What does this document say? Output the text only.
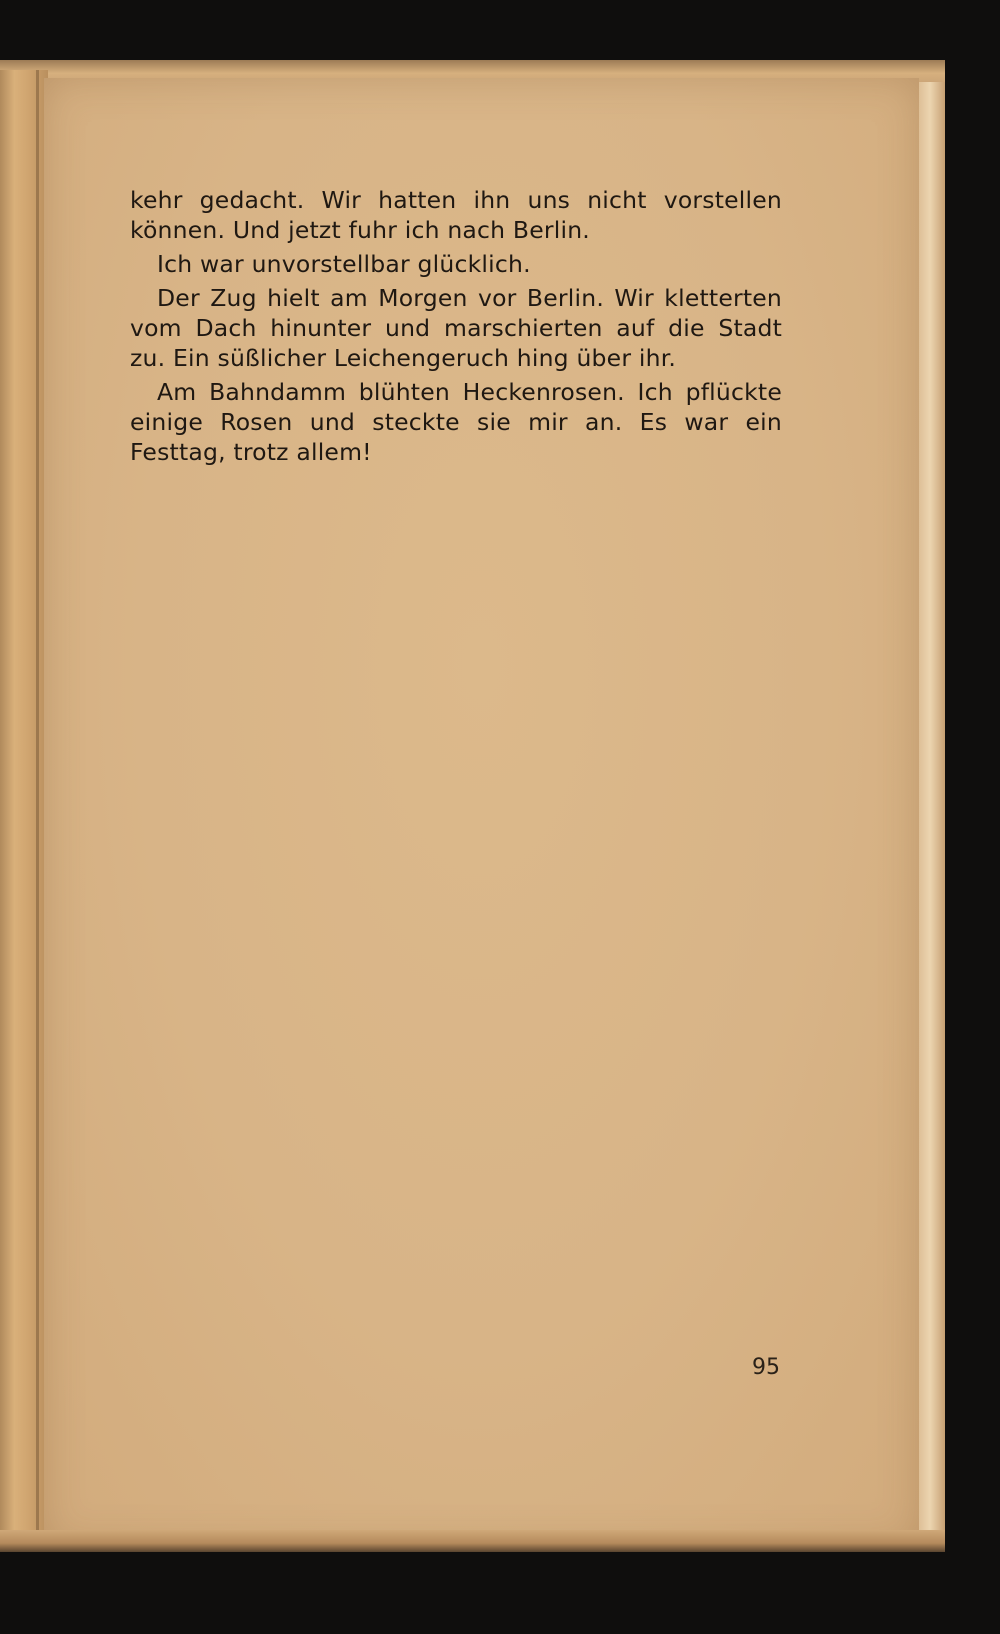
kehr gedacht. Wir hatten ihn uns nicht vorstellen können. Und jetzt fuhr ich nach Berlin.

Ich war unvorstellbar glücklich.

Der Zug hielt am Morgen vor Berlin. Wir kletterten vom Dach hinunter und marschierten auf die Stadt zu. Ein süßlicher Leichengeruch hing über ihr.

Am Bahndamm blühten Heckenrosen. Ich pflückte einige Rosen und steckte sie mir an. Es war ein Festtag, trotz allem!

95
